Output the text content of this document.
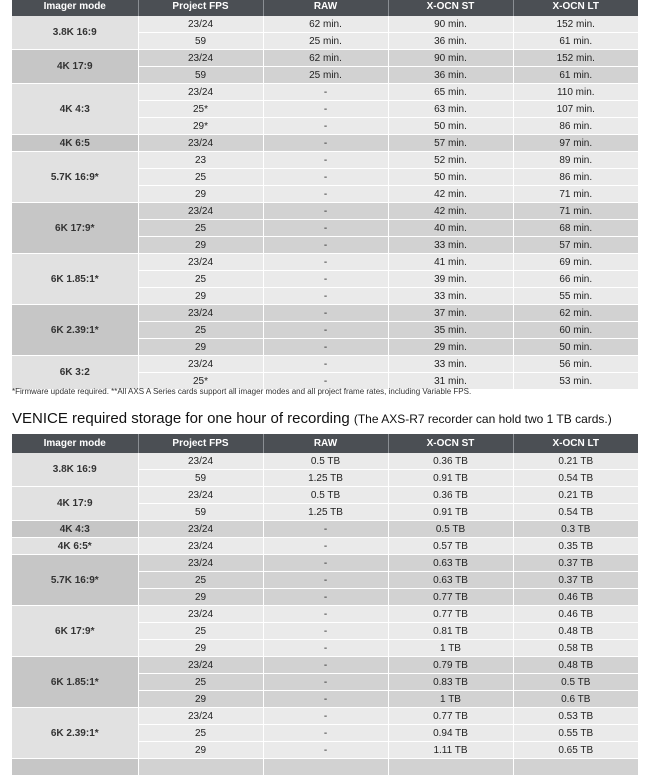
Imager mode	Project FPS	RAW	X-OCN ST	X-OCN LT
3.8K 16:9	23/24	62 min.	90 min.	152 min.
	59	25 min.	36 min.	61 min.
4K 17:9	23/24	62 min.	90 min.	152 min.
	59	25 min.	36 min.	61 min.
4K 4:3	23/24	-	65 min.	110 min.
	25*	-	63 min.	107 min.
	29*	-	50 min.	86 min.
4K 6:5	23/24	-	57 min.	97 min.
5.7K 16:9*	23	-	52 min.	89 min.
	25	-	50 min.	86 min.
	29	-	42 min.	71 min.
6K 17:9*	23/24	-	42 min.	71 min.
	25	-	40 min.	68 min.
	29	-	33 min.	57 min.
6K 1.85:1*	23/24	-	41 min.	69 min.
	25	-	39 min.	66 min.
	29	-	33 min.	55 min.
6K 2.39:1*	23/24	-	37 min.	62 min.
	25	-	35 min.	60 min.
	29	-	29 min.	50 min.
6K 3:2	23/24	-	33 min.	56 min.
	25*	-	31 min.	53 min.
*Firmware update required. **All AXS A Series cards support all imager modes and all project frame rates, including Variable FPS.
VENICE required storage for one hour of recording (The AXS-R7 recorder can hold two 1 TB cards.)
Imager mode	Project FPS	RAW	X-OCN ST	X-OCN LT
3.8K 16:9	23/24	0.5 TB	0.36 TB	0.21 TB
	59	1.25 TB	0.91 TB	0.54 TB
4K 17:9	23/24	0.5 TB	0.36 TB	0.21 TB
	59	1.25 TB	0.91 TB	0.54 TB
4K 4:3	23/24	-	0.5 TB	0.3 TB
4K 6:5*	23/24	-	0.57 TB	0.35 TB
5.7K 16:9*	23/24	-	0.63 TB	0.37 TB
	25	-	0.63 TB	0.37 TB
	29	-	0.77 TB	0.46 TB
6K 17:9*	23/24	-	0.77 TB	0.46 TB
	25	-	0.81 TB	0.48 TB
	29	-	1 TB	0.58 TB
6K 1.85:1*	23/24	-	0.79 TB	0.48 TB
	25	-	0.83 TB	0.5 TB
	29	-	1 TB	0.6 TB
6K 2.39:1*	23/24	-	0.77 TB	0.53 TB
	25	-	0.94 TB	0.55 TB
	29	-	1.11 TB	0.65 TB
